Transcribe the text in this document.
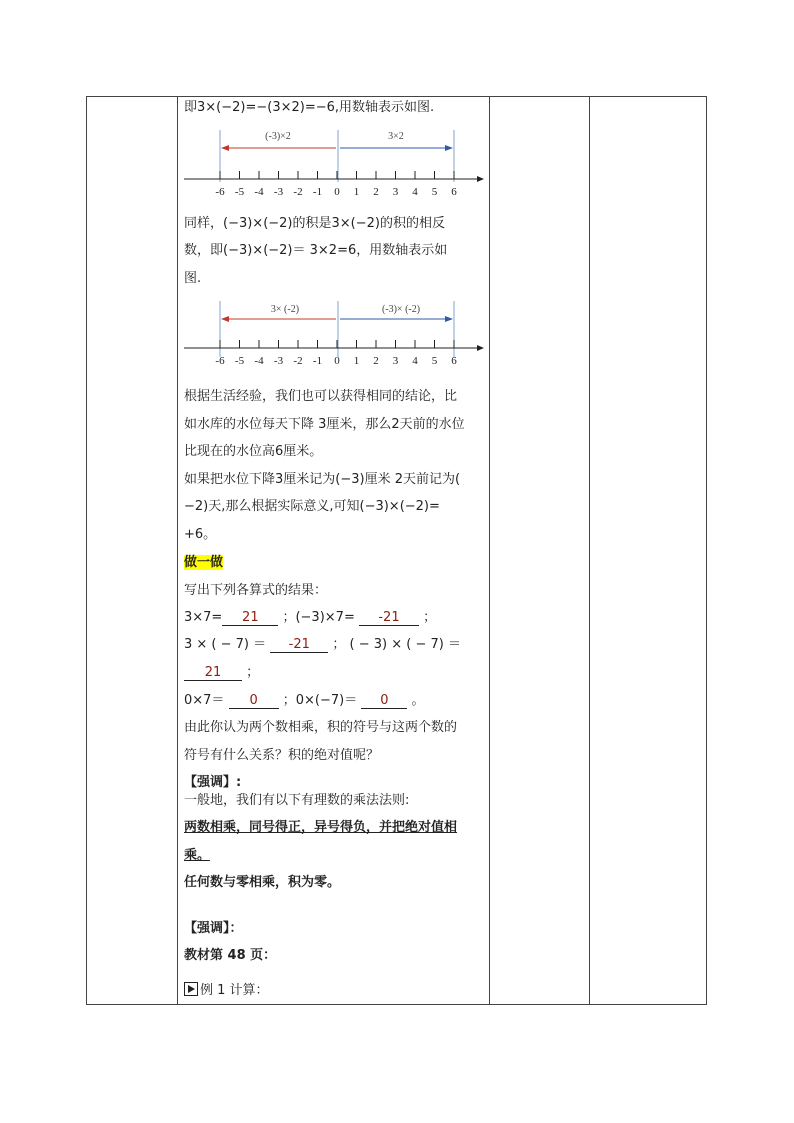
即3×(−2)=−(3×2)=−6,用数轴表示如图.
(-3)×2	3×2
-6 -5 -4 -3 -2 -1 0 1 2 3 4 5 6
同样，(−3)×(−2)的积是3×(−2)的积的相反
数，即(−3)×(−2)＝ 3×2=6，用数轴表示如
图.
3× (-2)	(-3)× (-2)
-6 -5 -4 -3 -2 -1 0 1 2 3 4 5 6
根据生活经验，我们也可以获得相同的结论，比
如水库的水位每天下降 3厘米，那么2天前的水位
比现在的水位高6厘米。
如果把水位下降3厘米记为(−3)厘米 2天前记为(
−2)天,那么根据实际意义,可知(−3)×(−2)=
+6。
做一做
写出下列各算式的结果：
3×7= 21 ；(−3)×7= -21 ；
3 × ( − 7) ＝ -21 ； ( − 3) × ( − 7) ＝
21 ；
0×7＝ 0 ；0×(−7)＝ 0 。
由此你认为两个数相乘，积的符号与这两个数的
符号有什么关系？积的绝对值呢？
【强调】:
一般地，我们有以下有理数的乘法法则:
两数相乘，同号得正，异号得负，并把绝对值相
乘。
任何数与零相乘，积为零。
【强调】：
教材第 48 页：
例 1 计算：
